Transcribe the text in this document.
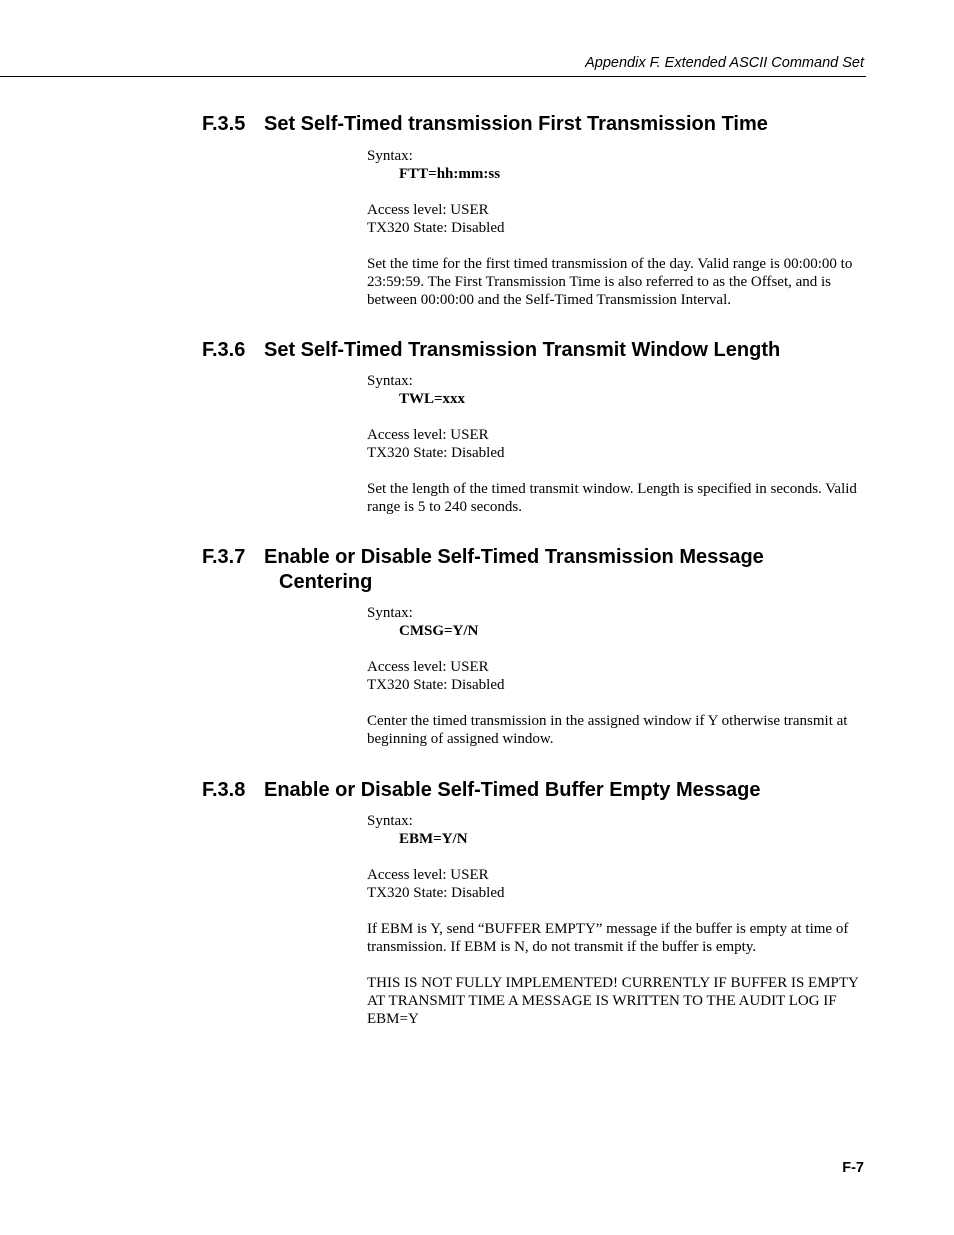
Appendix F. Extended ASCII Command Set
F.3.5 Set Self-Timed transmission First Transmission Time

Syntax:

FTT=hh:mm:ss

Access level: USER

TX320 State: Disabled

Set the time for the first timed transmission of the day. Valid range is 00:00:00 to 23:59:59. The First Transmission Time is also referred to as the Offset, and is between 00:00:00 and the Self-Timed Transmission Interval.

F.3.6 Set Self-Timed Transmission Transmit Window Length

Syntax:

TWL=xxx

Access level: USER

TX320 State: Disabled

Set the length of the timed transmit window. Length is specified in seconds. Valid range is 5 to 240 seconds.

F.3.7 Enable or Disable Self-Timed Transmission Message
Centering

Syntax:

CMSG=Y/N

Access level: USER

TX320 State: Disabled

Center the timed transmission in the assigned window if Y otherwise transmit at beginning of assigned window.

F.3.8 Enable or Disable Self-Timed Buffer Empty Message

Syntax:

EBM=Y/N

Access level: USER

TX320 State: Disabled

If EBM is Y, send “BUFFER EMPTY” message if the buffer is empty at time of transmission. If EBM is N, do not transmit if the buffer is empty.

THIS IS NOT FULLY IMPLEMENTED! CURRENTLY IF BUFFER IS EMPTY AT TRANSMIT TIME A MESSAGE IS WRITTEN TO THE AUDIT LOG IF EBM=Y

F-7
